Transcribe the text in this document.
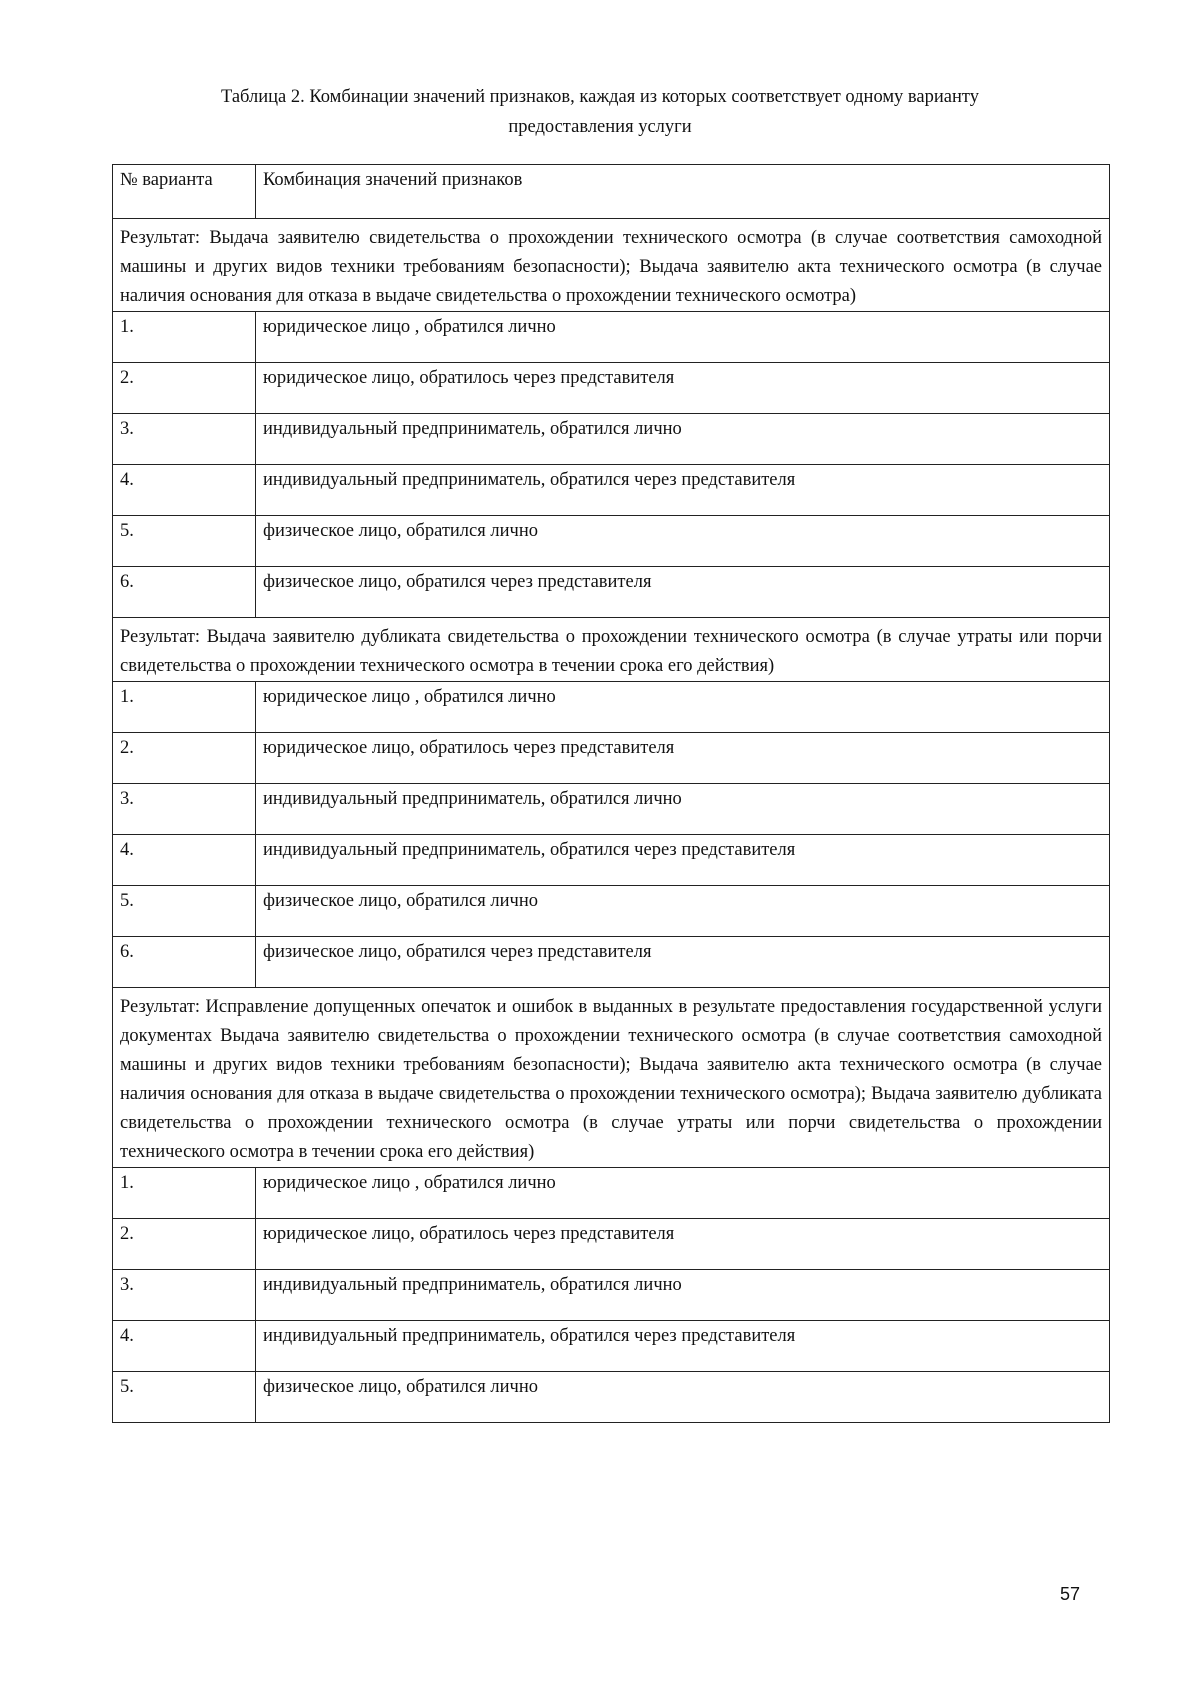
Таблица 2. Комбинации значений признаков, каждая из которых соответствует одному варианту
предоставления услуги
№ варианта	Комбинация значений признаков
Результат: Выдача заявителю свидетельства о прохождении технического осмотра (в случае соответствия самоходной машины и других видов техники требованиям безопасности); Выдача заявителю акта технического осмотра (в случае наличия основания для отказа в выдаче свидетельства о прохождении технического осмотра)	
1.	юридическое лицо , обратился лично
2.	юридическое лицо, обратилось через представителя
3.	индивидуальный предприниматель, обратился лично
4.	индивидуальный предприниматель, обратился через представителя
5.	физическое лицо, обратился лично
6.	физическое лицо, обратился через представителя
Результат: Выдача заявителю дубликата свидетельства о прохождении технического осмотра (в случае утраты или порчи свидетельства о прохождении технического осмотра в течении срока его действия)	
1.	юридическое лицо , обратился лично
2.	юридическое лицо, обратилось через представителя
3.	индивидуальный предприниматель, обратился лично
4.	индивидуальный предприниматель, обратился через представителя
5.	физическое лицо, обратился лично
6.	физическое лицо, обратился через представителя
Результат: Исправление допущенных опечаток и ошибок в выданных в результате предоставления государственной услуги документах Выдача заявителю свидетельства о прохождении технического осмотра (в случае соответствия самоходной машины и других видов техники требованиям безопасности); Выдача заявителю акта технического осмотра (в случае наличия основания для отказа в выдаче свидетельства о прохождении технического осмотра); Выдача заявителю дубликата свидетельства о прохождении технического осмотра (в случае утраты или порчи свидетельства о прохождении технического осмотра в течении срока его действия)	
1.	юридическое лицо , обратился лично
2.	юридическое лицо, обратилось через представителя
3.	индивидуальный предприниматель, обратился лично
4.	индивидуальный предприниматель, обратился через представителя
5.	физическое лицо, обратился лично
57
